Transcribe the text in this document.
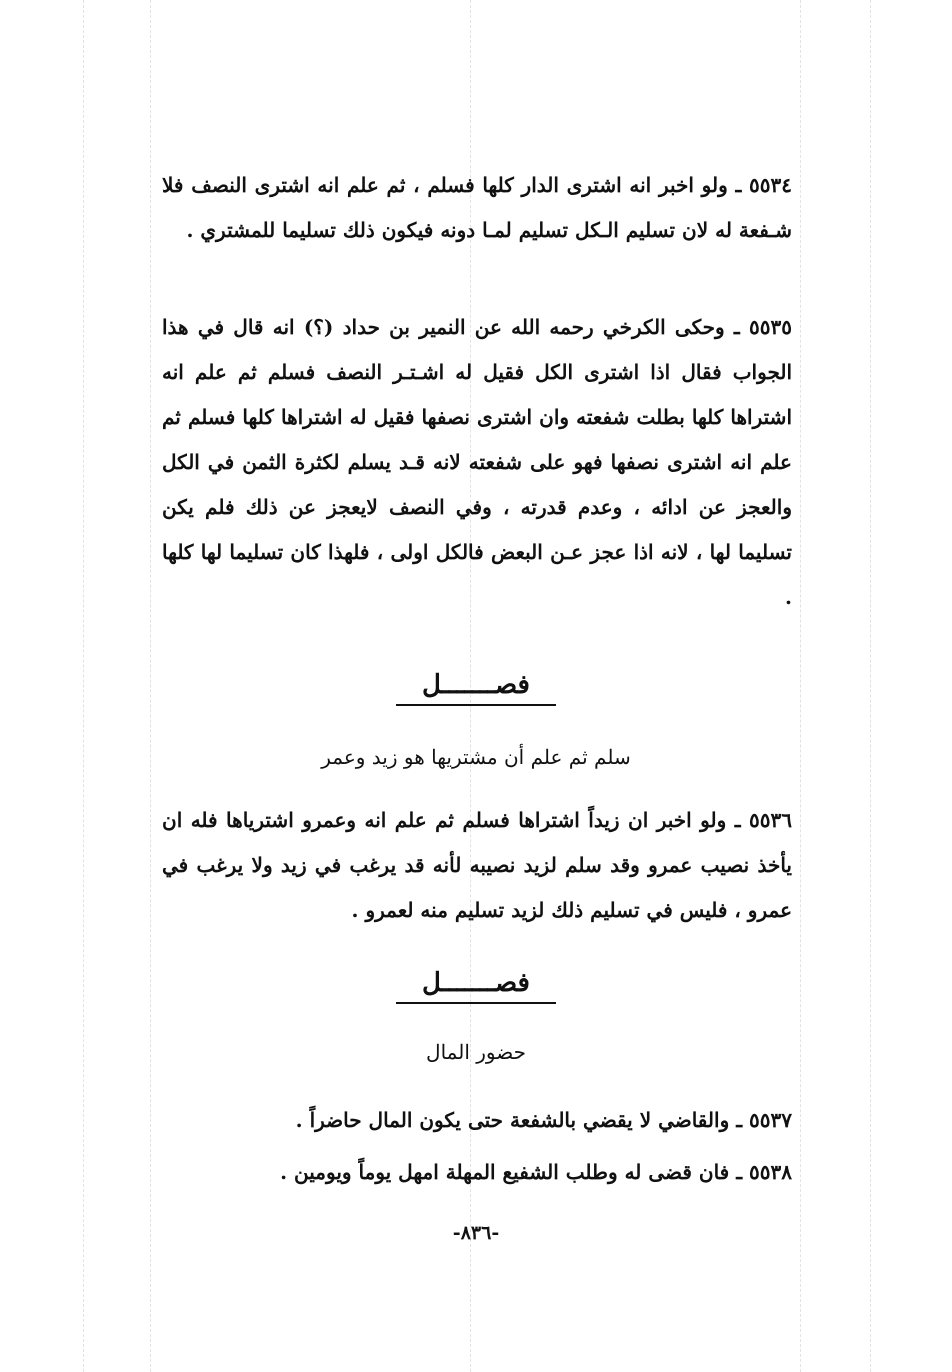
٥٥٣٤ ـ ولو اخبر انه اشترى الدار كلها فسلم ، ثم علم انه اشترى النصف فلا شـفعة له لان تسليم الـكل تسليم لمـا دونه فيكون ذلك تسليما للمشتري .
٥٥٣٥ ـ وحكى الكرخي رحمه الله عن النمير بن حداد (؟) انه قال في هذا الجواب فقال اذا اشترى الكل فقيل له اشـتـر النصف فسلم ثم علم انه اشتراها كلها بطلت شفعته وان اشترى نصفها فقيل له اشتراها كلها فسلم ثم علم انه اشترى نصفها فهو على شفعته لانه قـد يسلم لكثرة الثمن في الكل والعجز عن ادائه ، وعدم قدرته ، وفي النصف لايعجز عن ذلك فلم يكن تسليما لها ، لانه اذا عجز عـن البعض فالكل اولى ، فلهذا كان تسليما لها كلها .
فصـــــــل
سلم ثم علم أن مشتريها هو زيد وعمر
٥٥٣٦ ـ ولو اخبر ان زيداً اشتراها فسلم ثم علم انه وعمرو اشترياها فله ان يأخذ نصيب عمرو وقد سلم لزيد نصيبه لأنه قد يرغب في زيد ولا يرغب في عمرو ، فليس في تسليم ذلك لزيد تسليم منه لعمرو .
فصـــــــل
حضور المال
٥٥٣٧ ـ والقاضي لا يقضي بالشفعة حتى يكون المال حاضراً .
٥٥٣٨ ـ فان قضى له وطلب الشفيع المهلة امهل يوماً ويومين .
-٨٣٦-
